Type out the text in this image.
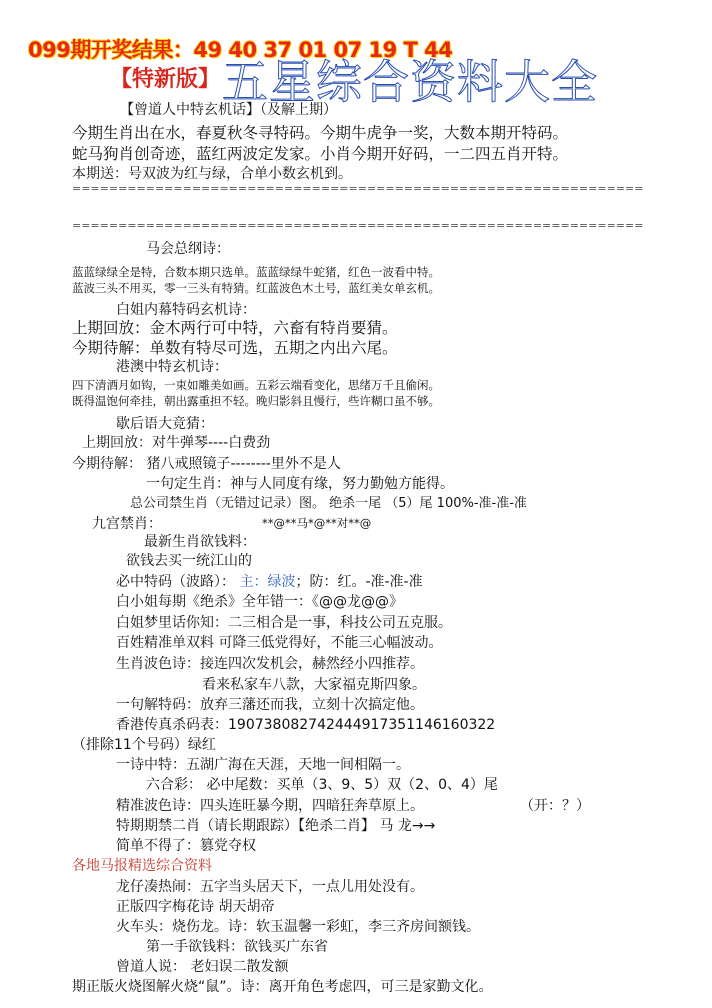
099期开奖结果：49 40 37 01 07 19 T 44
【特新版】 五星综合资料大全
【曾道人中特玄机话】（及解上期）
今期生肖出在水，春夏秋冬寻特码。今期牛虎争一奖，大数本期开特码。
蛇马狗肖创奇迹，蓝红两波定发家。小肖今期开好码，一二四五肖开特。
本期送：号双波为红与绿，合单小数玄机到。
==============================================================
==============================================================
马会总纲诗：
蓝蓝绿绿全是特，合数本期只选单。蓝蓝绿绿牛蛇猪，红色一波看中特。
蓝波三头不用买，零一三头有特猜。红蓝波色木土号，蓝红美女单玄机。
白姐内幕特码玄机诗：
上期回放：金木两行可中特，六畜有特肖要猜。
今期待解：单数有特尽可选，五期之内出六尾。
港澳中特玄机诗：
四下清酒月如钩，一束如雕美如画。五彩云端看变化，思绪万千且偷闲。
既得温饱何牵挂，朝出露重担不轻。晚归影斜且慢行，些许糊口虽不够。
歇后语大竞猜：
上期回放：对牛弹琴----白费劲
今期待解： 猪八戒照镜子--------里外不是人
一句定生肖：神与人同度有缘，努力勤勉方能得。
总公司禁生肖（无错过记录）图。 绝杀一尾 （5）尾 100%-准-准-准
九宫禁肖：	**@**马*@**对**@
最新生肖欲钱料：
欲钱去买一统江山的
必中特码（波路）： 主：绿波；防：红。-准-准-准
白小姐每期《绝杀》全年错一：《@@龙@@》
白姐梦里话你知：二三相合是一事，科技公司五克服。
百姓精准单双料 可降三低党得好，不能三心幅波动。
生肖波色诗：接连四次发机会，赫然经小四推荐。
看来私家车八款，大家福克斯四象。
一句解特码：放弃三藩还而我，立刻十次搞定他。
香港传真杀码表：19073808274244491735114616032​2
（排除11个号码）绿红
一诗中特：五湖广海在天涯，天地一间相隔一。
六合彩： 必中尾数：买单（3、9、5）双（2、0、4）尾
精准波色诗：四头连旺暴今期，四暗狂奔草原上。	（开：？）
特期期禁二肖（请长期跟踪）【绝杀二肖】 马 龙→→
简单不得了：篡党夺权
各地马报精选综合资料
龙仔凑热闹：五字当头居天下，一点儿用处没有。
正版四字梅花诗 胡天胡帝
火车头：烧伤龙。诗：软玉温馨一彩虹，李三齐房间额钱。
第一手欲钱料：欲钱买广东省
曾道人说： 老妇误二散发额
期正版火烧图解火烧“鼠”。诗：离开角色考虑四，可三是家勤文化。
